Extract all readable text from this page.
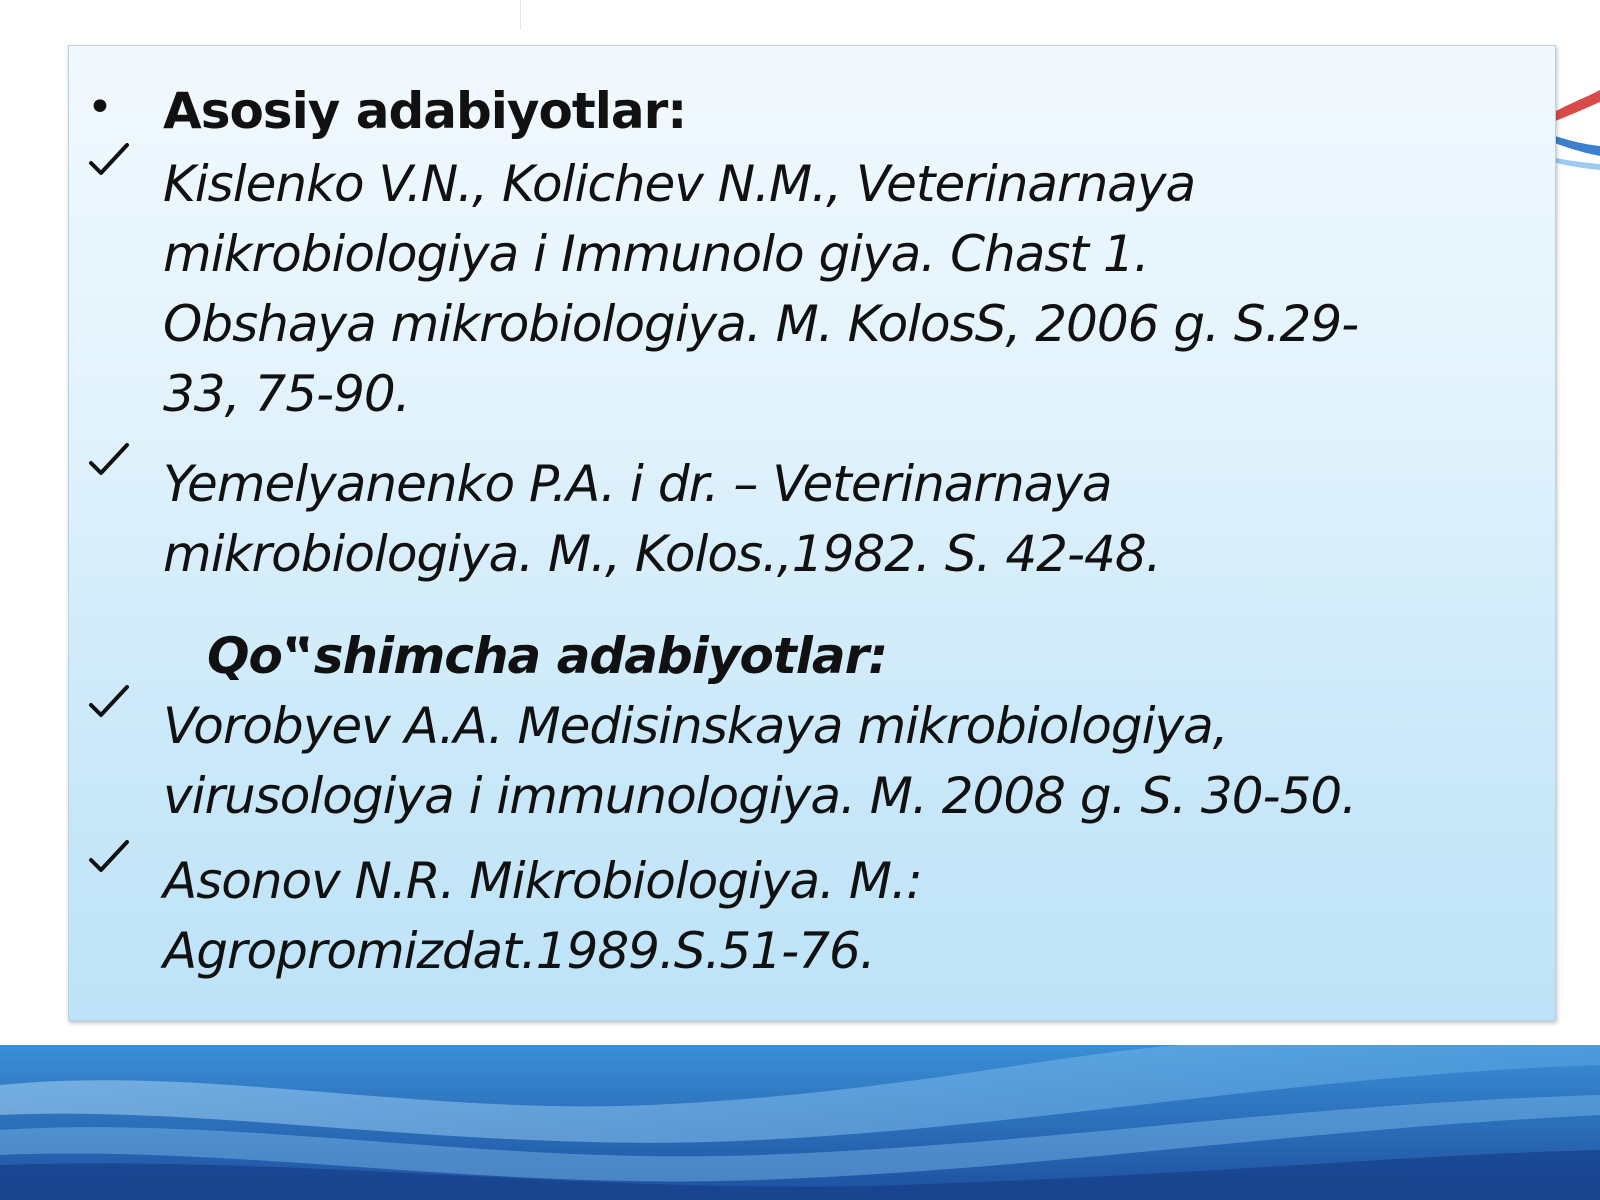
• Asosiy adabiyotlar:
Kislenko V.N., Kolichev N.M., Veterinarnaya
mikrobiologiya i Immunolo giya. Chast 1.
Obshaya mikrobiologiya. M. KolosS, 2006 g. S.29-
33, 75-90.
Yemelyanenko P.A. i dr. – Veterinarnaya
mikrobiologiya. M., Kolos.,1982. S. 42-48.
Qo‟shimcha adabiyotlar:
Vorobyev A.A. Medisinskaya mikrobiologiya,
virusologiya i immunologiya. M. 2008 g. S. 30-50.
Asonov N.R. Mikrobiologiya. M.:
Agropromizdat.1989.S.51-76.
